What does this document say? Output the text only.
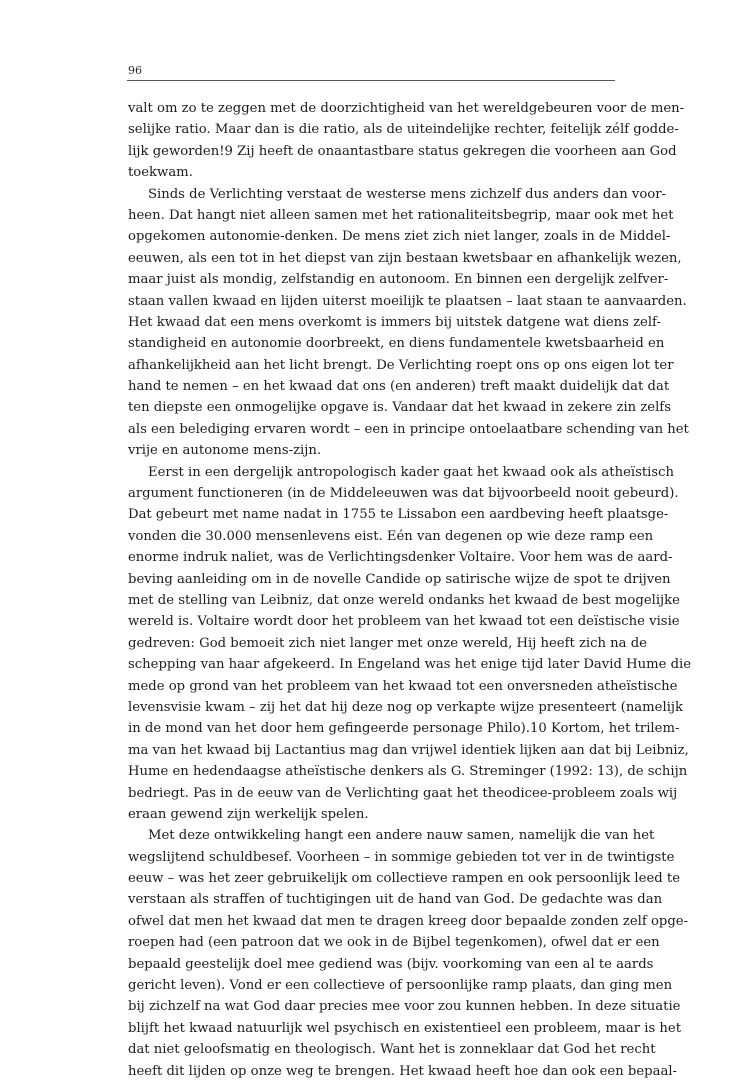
96
valt om zo te zeggen met de doorzichtigheid van het wereldgebeuren voor de men-
selijke ratio. Maar dan is die ratio, als de uiteindelijke rechter, feitelijk zélf godde-
lijk geworden!9 Zij heeft de onaantastbare status gekregen die voorheen aan God
toekwam.
Sinds de Verlichting verstaat de westerse mens zichzelf dus anders dan voor-
heen. Dat hangt niet alleen samen met het rationaliteitsbegrip, maar ook met het
opgekomen autonomie-denken. De mens ziet zich niet langer, zoals in de Middel-
eeuwen, als een tot in het diepst van zijn bestaan kwetsbaar en afhankelijk wezen,
maar juist als mondig, zelfstandig en autonoom. En binnen een dergelijk zelfver-
staan vallen kwaad en lijden uiterst moeilijk te plaatsen – laat staan te aanvaarden.
Het kwaad dat een mens overkomt is immers bij uitstek datgene wat diens zelf-
standigheid en autonomie doorbreekt, en diens fundamentele kwetsbaarheid en
afhankelijkheid aan het licht brengt. De Verlichting roept ons op ons eigen lot ter
hand te nemen – en het kwaad dat ons (en anderen) treft maakt duidelijk dat dat
ten diepste een onmogelijke opgave is. Vandaar dat het kwaad in zekere zin zelfs
als een belediging ervaren wordt – een in principe ontoelaatbare schending van het
vrije en autonome mens-zijn.
Eerst in een dergelijk antropologisch kader gaat het kwaad ook als atheïstisch
argument functioneren (in de Middeleeuwen was dat bijvoorbeeld nooit gebeurd).
Dat gebeurt met name nadat in 1755 te Lissabon een aardbeving heeft plaatsge-
vonden die 30.000 mensenlevens eist. Eén van degenen op wie deze ramp een
enorme indruk naliet, was de Verlichtingsdenker Voltaire. Voor hem was de aard-
beving aanleiding om in de novelle Candide op satirische wijze de spot te drijven
met de stelling van Leibniz, dat onze wereld ondanks het kwaad de best mogelijke
wereld is. Voltaire wordt door het probleem van het kwaad tot een deïstische visie
gedreven: God bemoeit zich niet langer met onze wereld, Hij heeft zich na de
schepping van haar afgekeerd. In Engeland was het enige tijd later David Hume die
mede op grond van het probleem van het kwaad tot een onversneden atheïstische
levensvisie kwam – zij het dat hij deze nog op verkapte wijze presenteert (namelijk
in de mond van het door hem gefingeerde personage Philo).10 Kortom, het trilem-
ma van het kwaad bij Lactantius mag dan vrijwel identiek lijken aan dat bij Leibniz,
Hume en hedendaagse atheïstische denkers als G. Streminger (1992: 13), de schijn
bedriegt. Pas in de eeuw van de Verlichting gaat het theodicee-probleem zoals wij
eraan gewend zijn werkelijk spelen.
Met deze ontwikkeling hangt een andere nauw samen, namelijk die van het
wegslijtend schuldbesef. Voorheen – in sommige gebieden tot ver in de twintigste
eeuw – was het zeer gebruikelijk om collectieve rampen en ook persoonlijk leed te
verstaan als straffen of tuchtigingen uit de hand van God. De gedachte was dan
ofwel dat men het kwaad dat men te dragen kreeg door bepaalde zonden zelf opge-
roepen had (een patroon dat we ook in de Bijbel tegenkomen), ofwel dat er een
bepaald geestelijk doel mee gediend was (bijv. voorkoming van een al te aards
gericht leven). Vond er een collectieve of persoonlijke ramp plaats, dan ging men
bij zichzelf na wat God daar precies mee voor zou kunnen hebben. In deze situatie
blijft het kwaad natuurlijk wel psychisch en existentieel een probleem, maar is het
dat niet geloofsmatig en theologisch. Want het is zonneklaar dat God het recht
heeft dit lijden op onze weg te brengen. Het kwaad heeft hoe dan ook een bepaal-
